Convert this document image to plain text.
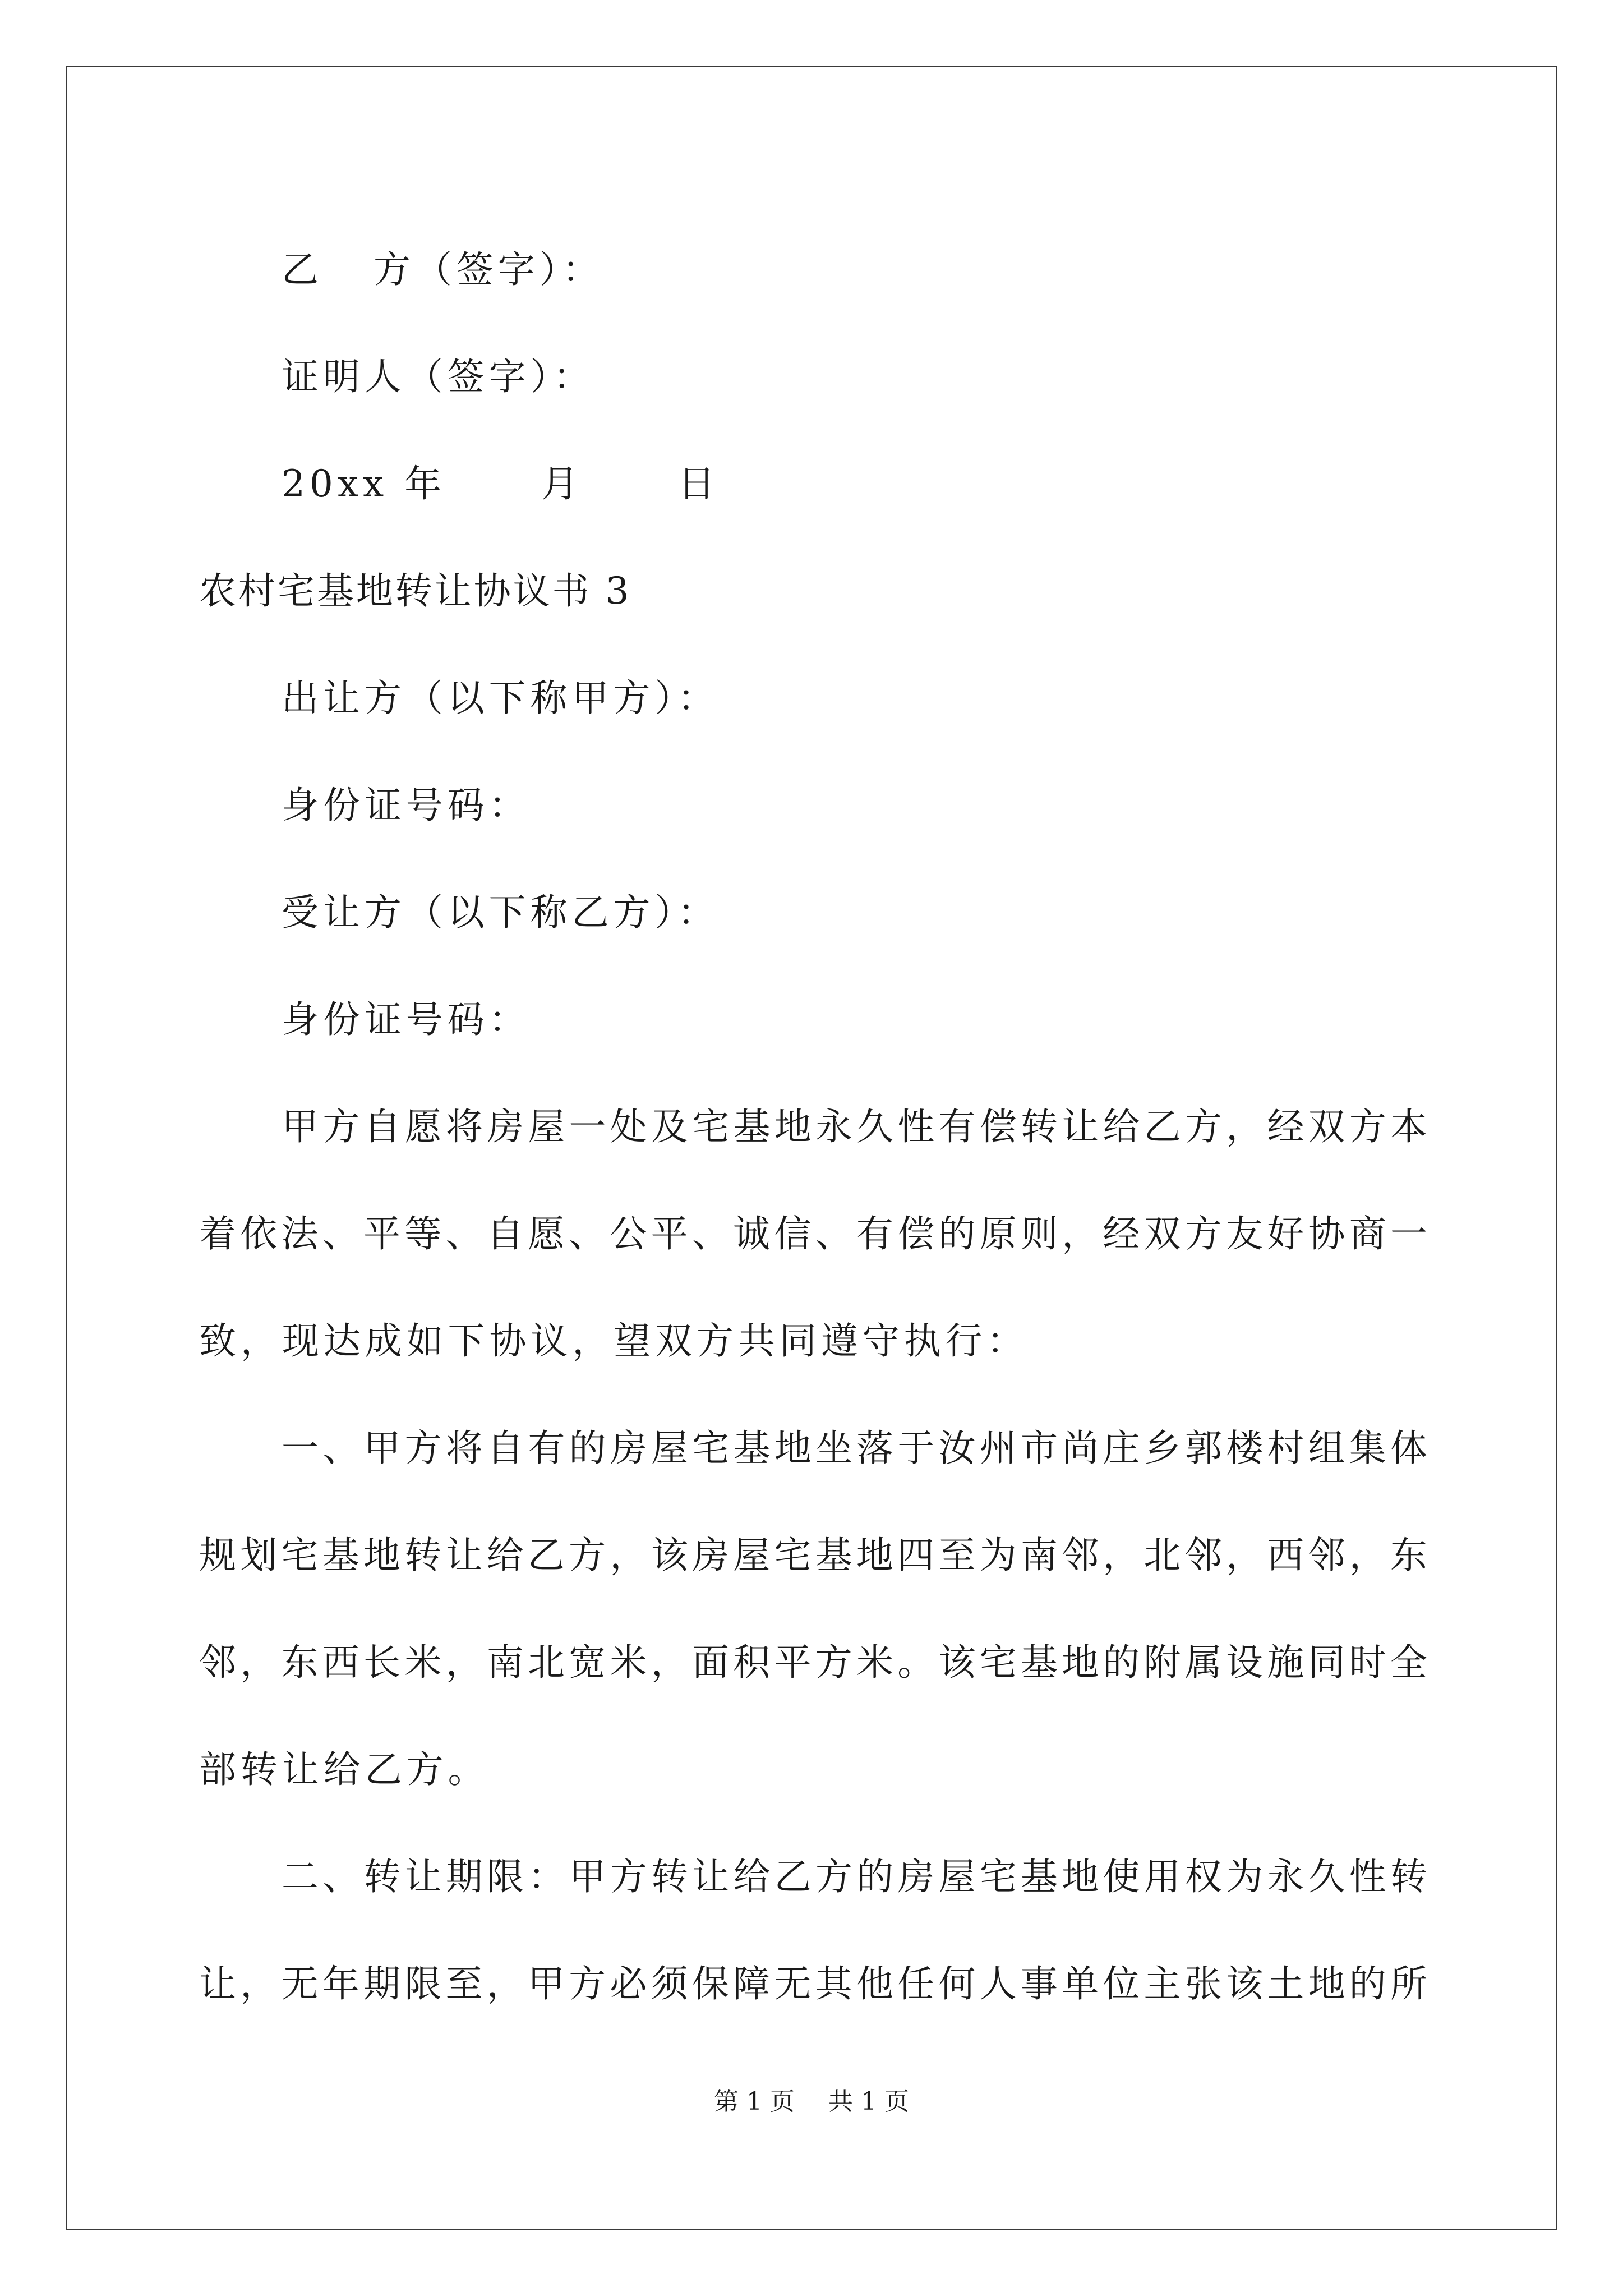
乙 方（签字）：
证明人（签字）：
20xx 年	月	日
农村宅基地转让协议书 3
出让方（以下称甲方）：
身份证号码：
受让方（以下称乙方）：
身份证号码：
甲方自愿将房屋一处及宅基地永久性有偿转让给乙方，经双方本
着依法、平等、自愿、公平、诚信、有偿的原则，经双方友好协商一
致，现达成如下协议，望双方共同遵守执行：
一、甲方将自有的房屋宅基地坐落于汝州市尚庄乡郭楼村组集体
规划宅基地转让给乙方，该房屋宅基地四至为南邻，北邻，西邻，东
邻，东西长米，南北宽米，面积平方米。该宅基地的附属设施同时全
部转让给乙方。
二、转让期限：甲方转让给乙方的房屋宅基地使用权为永久性转
让，无年期限至，甲方必须保障无其他任何人事单位主张该土地的所
第 1 页 共 1 页
